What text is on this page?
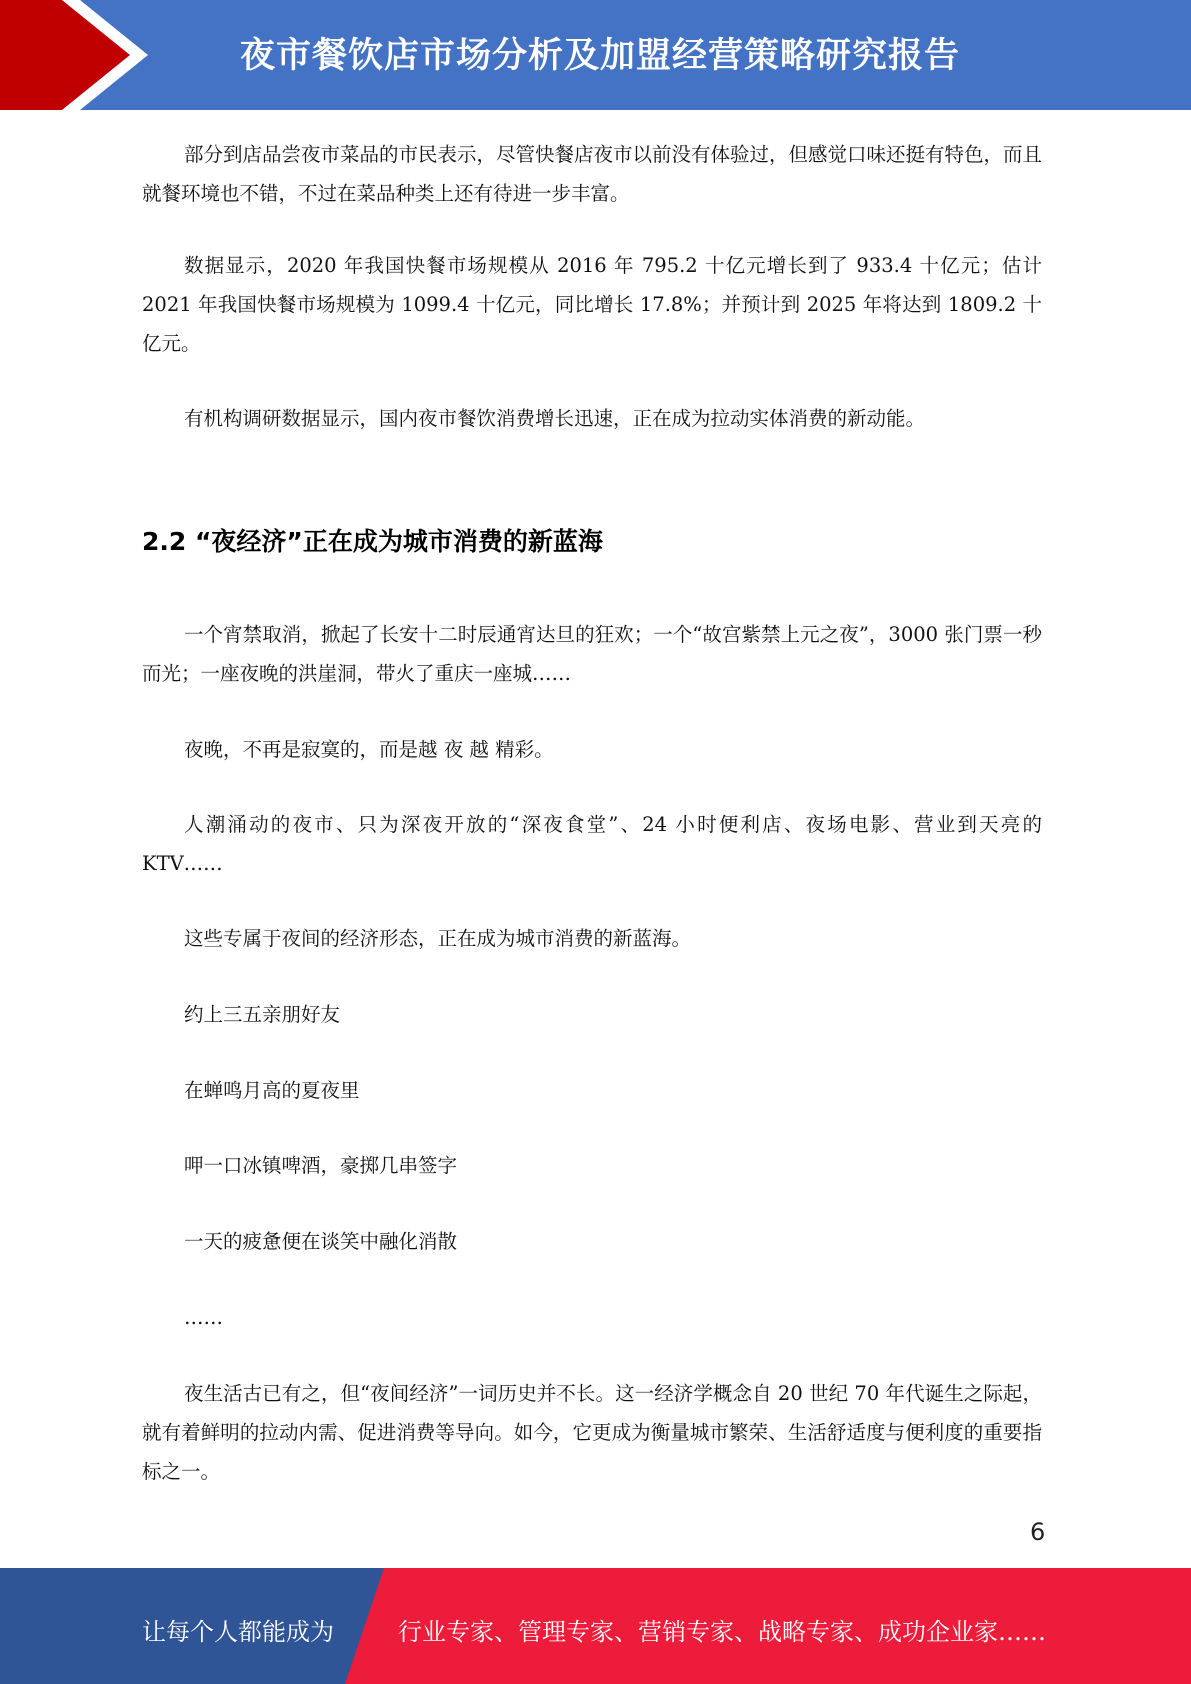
夜市餐饮店市场分析及加盟经营策略研究报告

部分到店品尝夜市菜品的市民表示，尽管快餐店夜市以前没有体验过，但感觉口味还挺有特色，而且就餐环境也不错，不过在菜品种类上还有待进一步丰富。

数据显示，2020 年我国快餐市场规模从 2016 年 795.2 十亿元增长到了 933.4 十亿元；估计 2021 年我国快餐市场规模为 1099.4 十亿元，同比增长 17.8%；并预计到 2025 年将达到 1809.2 十亿元。

有机构调研数据显示，国内夜市餐饮消费增长迅速，正在成为拉动实体消费的新动能。

2.2 “夜经济”正在成为城市消费的新蓝海

一个宵禁取消，掀起了长安十二时辰通宵达旦的狂欢；一个“故宫紫禁上元之夜”，3000 张门票一秒而光；一座夜晚的洪崖洞，带火了重庆一座城……

夜晚，不再是寂寞的，而是越 夜 越 精彩。

人潮涌动的夜市、只为深夜开放的“深夜食堂”、24 小时便利店、夜场电影、营业到天亮的 KTV……

这些专属于夜间的经济形态，正在成为城市消费的新蓝海。

约上三五亲朋好友

在蝉鸣月高的夏夜里

呷一口冰镇啤酒，豪掷几串签字

一天的疲惫便在谈笑中融化消散

……

夜生活古已有之，但“夜间经济”一词历史并不长。这一经济学概念自 20 世纪 70 年代诞生之际起，就有着鲜明的拉动内需、促进消费等导向。如今，它更成为衡量城市繁荣、生活舒适度与便利度的重要指标之一。

6
让每个人都能成为	行业专家、管理专家、营销专家、战略专家、成功企业家……
